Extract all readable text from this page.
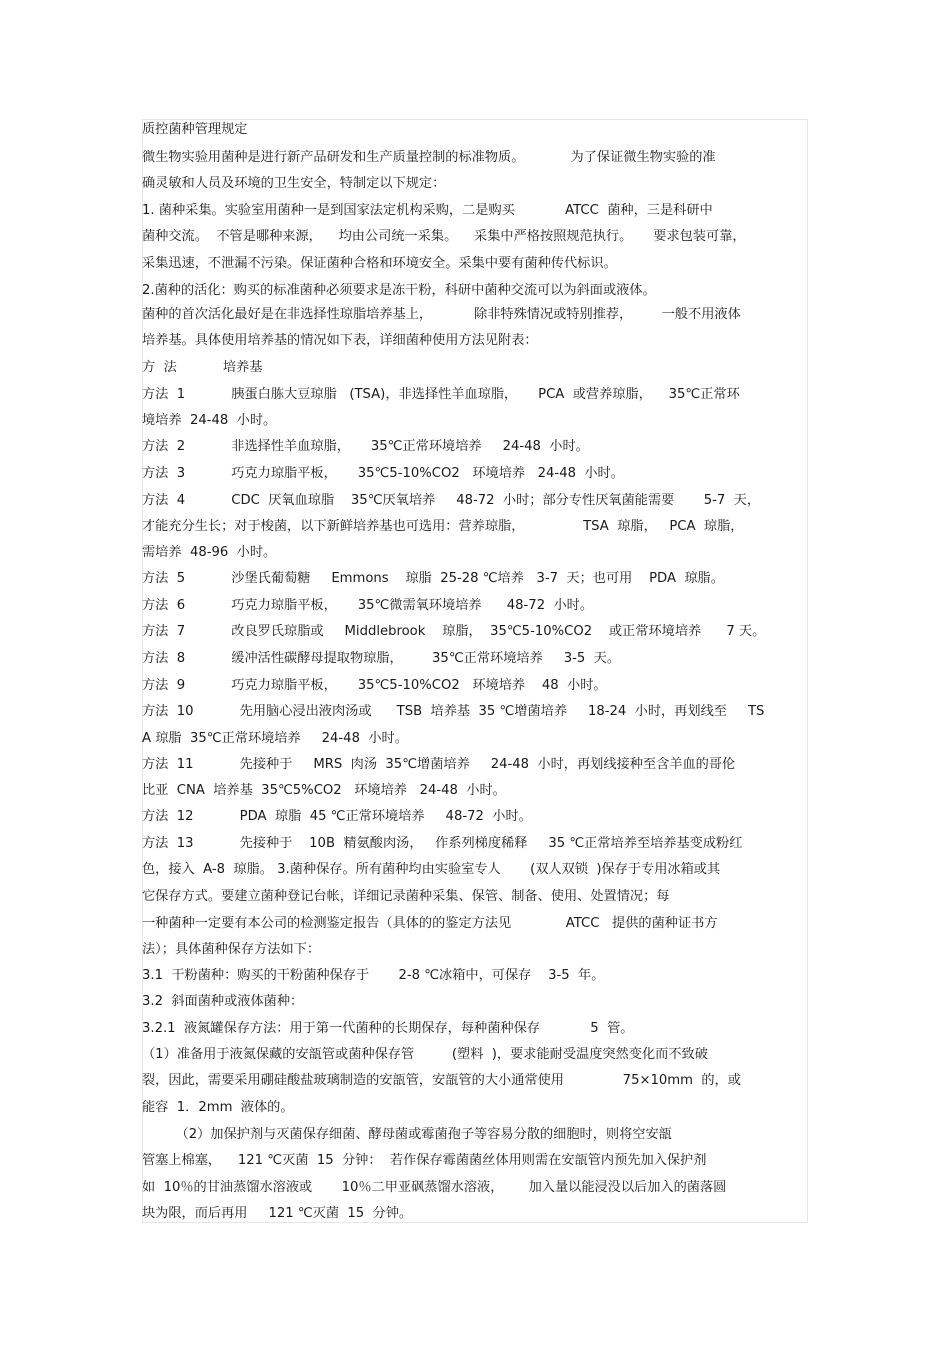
质控菌种管理规定
微生物实验用菌种是进行新产品研发和生产质量控制的标准物质。           为了保证微生物实验的准
确灵敏和人员及环境的卫生安全，特制定以下规定：
1. 菌种采集。实验室用菌种一是到国家法定机构采购，二是购买            ATCC  菌种，三是科研中
菌种交流。  不管是哪种来源，    均由公司统一采集。    采集中严格按照规范执行。     要求包装可靠，
采集迅速，不泄漏不污染。保证菌种合格和环境安全。采集中要有菌种传代标识。
2.菌种的活化：购买的标准菌种必须要求是冻干粉，科研中菌种交流可以为斜面或液体。
菌种的首次活化最好是在非选择性琼脂培养基上，          除非特殊情况或特别推荐，       一般不用液体
培养基。具体使用培养基的情况如下表，详细菌种使用方法见附表：
方  法           培养基
方法  1           胰蛋白胨大豆琼脂   (TSA)，非选择性羊血琼脂，     PCA  或营养琼脂，    35℃正常环
境培养  24-48  小时。
方法  2           非选择性羊血琼脂，     35℃正常环境培养     24-48  小时。
方法  3           巧克力琼脂平板，     35℃5-10%CO2   环境培养   24-48  小时。
方法  4           CDC  厌氧血琼脂    35℃厌氧培养     48-72  小时；部分专性厌氧菌能需要       5-7  天，
才能充分生长；对于梭菌，以下新鲜培养基也可选用：营养琼脂，              TSA  琼脂，   PCA  琼脂，
需培养  48-96  小时。
方法  5           沙堡氏葡萄糖     Emmons    琼脂  25-28 ℃培养   3-7  天；也可用    PDA  琼脂。
方法  6           巧克力琼脂平板，     35℃微需氧环境培养      48-72  小时。
方法  7           改良罗氏琼脂或     Middlebrook    琼脂，  35℃5-10%CO2    或正常环境培养      7 天。
方法  8           缓冲活性碳酵母提取物琼脂，       35℃正常环境培养     3-5  天。
方法  9           巧克力琼脂平板，     35℃5-10%CO2   环境培养    48  小时。
方法  10           先用脑心浸出液肉汤或      TSB  培养基  35 ℃增菌培养     18-24  小时，再划线至     TS
A 琼脂  35℃正常环境培养     24-48  小时。
方法  11           先接种于     MRS  肉汤  35℃增菌培养     24-48  小时，再划线接种至含羊血的哥伦
比亚  CNA  培养基  35℃5%CO2   环境培养   24-48  小时。
方法  12           PDA  琼脂  45 ℃正常环境培养     48-72  小时。
方法  13           先接种于    10B  精氨酸肉汤，   作系列梯度稀释     35 ℃正常培养至培养基变成粉红
色，接入  A-8  琼脂。 3.菌种保存。所有菌种均由实验室专人       (双人双锁  )保存于专用冰箱或其
它保存方式。要建立菌种登记台帐，详细记录菌种采集、保管、制备、使用、处置情况；每
一种菌种一定要有本公司的检测鉴定报告（具体的的鉴定方法见             ATCC   提供的菌种证书方
法）；具体菌种保存方法如下：
3.1  干粉菌种：购买的干粉菌种保存于       2-8 ℃冰箱中，可保存    3-5  年。
3.2  斜面菌种或液体菌种：
3.2.1  液氮罐保存方法：用于第一代菌种的长期保存，每种菌种保存            5  管。
（1）准备用于液氮保藏的安瓿管或菌种保存管         (塑料  )，要求能耐受温度突然变化而不致破
裂，因此，需要采用硼硅酸盐玻璃制造的安瓿管，安瓿管的大小通常使用              75×10mm  的，或
能容  1．2mm  液体的。
（2）加保护剂与灭菌保存细菌、酵母菌或霉菌孢子等容易分散的细胞时，则将空安瓿
管塞上棉塞，    121 ℃灭菌  15  分钟：  若作保存霉菌菌丝体用则需在安瓿管内预先加入保护剂
如  10％的甘油蒸馏水溶液或       10％二甲亚砜蒸馏水溶液，      加入量以能浸没以后加入的菌落圆
块为限，而后再用     121 ℃灭菌  15  分钟。
